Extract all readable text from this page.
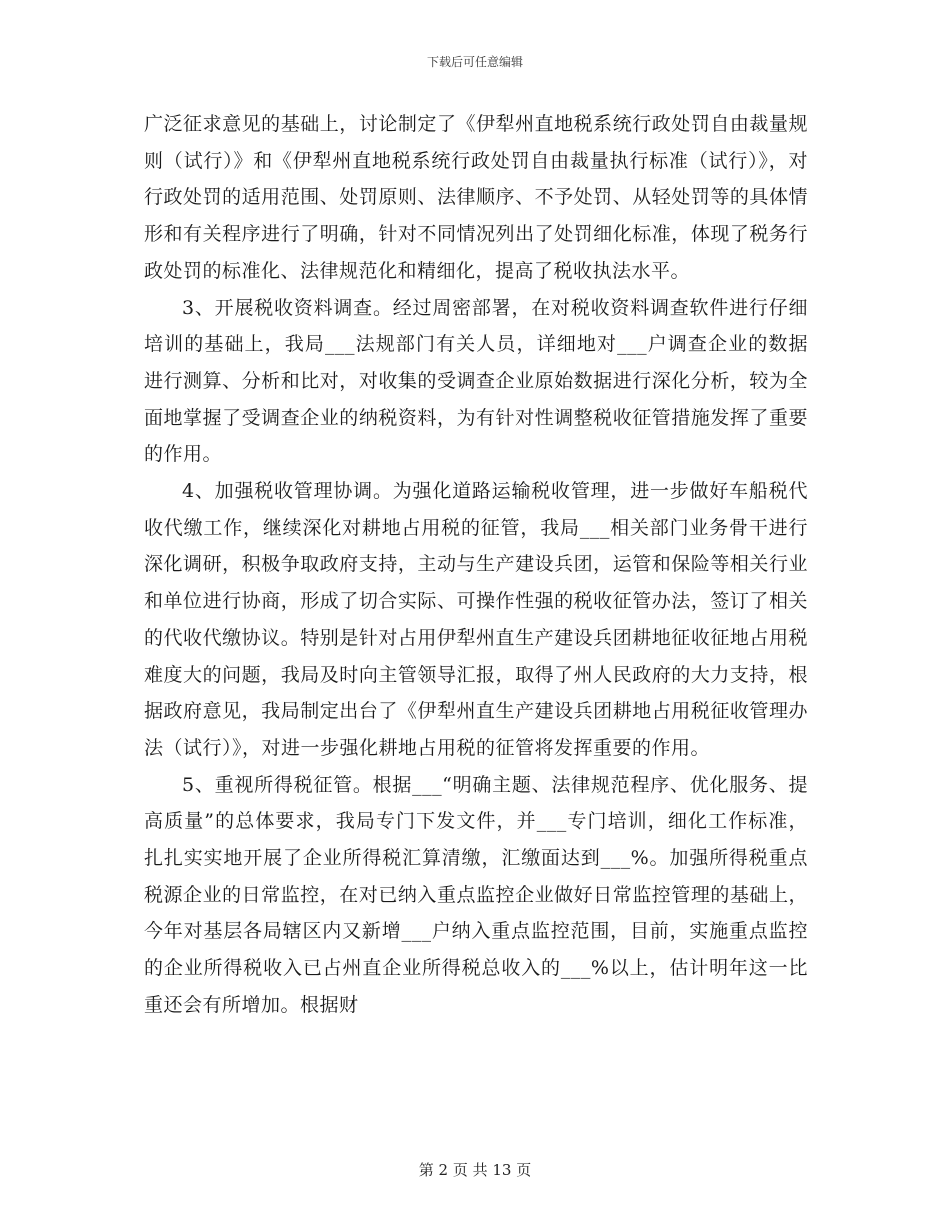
下载后可任意编辑

广泛征求意见的基础上，讨论制定了《伊犁州直地税系统行政处罚自由裁量规则（试行）》和《伊犁州直地税系统行政处罚自由裁量执行标准（试行）》，对行政处罚的适用范围、处罚原则、法律顺序、不予处罚、从轻处罚等的具体情形和有关程序进行了明确，针对不同情况列出了处罚细化标准，体现了税务行政处罚的标准化、法律规范化和精细化，提高了税收执法水平。

3、开展税收资料调查。经过周密部署，在对税收资料调查软件进行仔细培训的基础上，我局___法规部门有关人员，详细地对___户调查企业的数据进行测算、分析和比对，对收集的受调查企业原始数据进行深化分析，较为全面地掌握了受调查企业的纳税资料，为有针对性调整税收征管措施发挥了重要的作用。

4、加强税收管理协调。为强化道路运输税收管理，进一步做好车船税代收代缴工作，继续深化对耕地占用税的征管，我局___相关部门业务骨干进行深化调研，积极争取政府支持，主动与生产建设兵团，运管和保险等相关行业和单位进行协商，形成了切合实际、可操作性强的税收征管办法，签订了相关的代收代缴协议。特别是针对占用伊犁州直生产建设兵团耕地征收征地占用税难度大的问题，我局及时向主管领导汇报，取得了州人民政府的大力支持，根据政府意见，我局制定出台了《伊犁州直生产建设兵团耕地占用税征收管理办法（试行）》，对进一步强化耕地占用税的征管将发挥重要的作用。

5、重视所得税征管。根据___“明确主题、法律规范程序、优化服务、提高质量”的总体要求，我局专门下发文件，并___专门培训，细化工作标准，扎扎实实地开展了企业所得税汇算清缴，汇缴面达到___%。加强所得税重点税源企业的日常监控，在对已纳入重点监控企业做好日常监控管理的基础上，今年对基层各局辖区内又新增___户纳入重点监控范围，目前，实施重点监控的企业所得税收入已占州直企业所得税总收入的___%以上，估计明年这一比重还会有所增加。根据财

第 2 页 共 13 页
